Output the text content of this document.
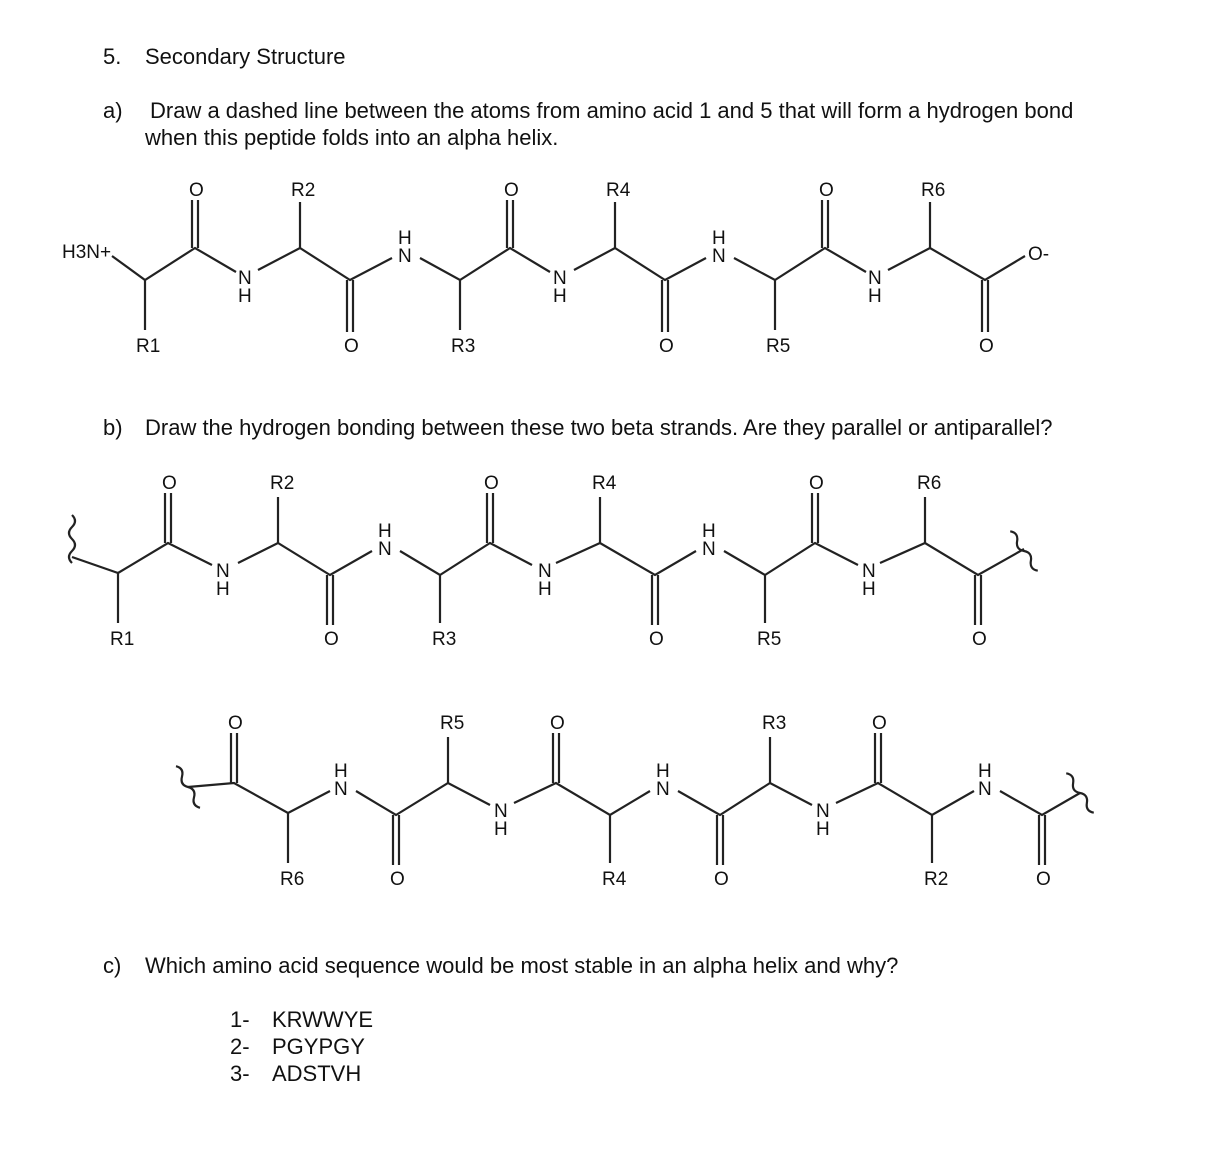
5. Secondary Structure
a) Draw a dashed line between the atoms from amino acid 1 and 5 that will form a hydrogen bond
when this peptide folds into an alpha helix.
O	O	O
O	O	O
N
H
H
N
N
H
H
N
N
H
H3N+	O-
R1
R2
R3
R4
R5
R6
b) Draw the hydrogen bonding between these two beta strands. Are they parallel or antiparallel?
O	O	O
O	O	O
N
H
H
N
N
H
H
N
N
H
R1
R2
R3
R4
R5
R6
O	O	O
O	O	O
H
N
N
H
H
N
N
H
H
N
R6
R5
R4
R3
R2
c) Which amino acid sequence would be most stable in an alpha helix and why?
1- KRWWYE
2- PGYPGY
3- ADSTVH
